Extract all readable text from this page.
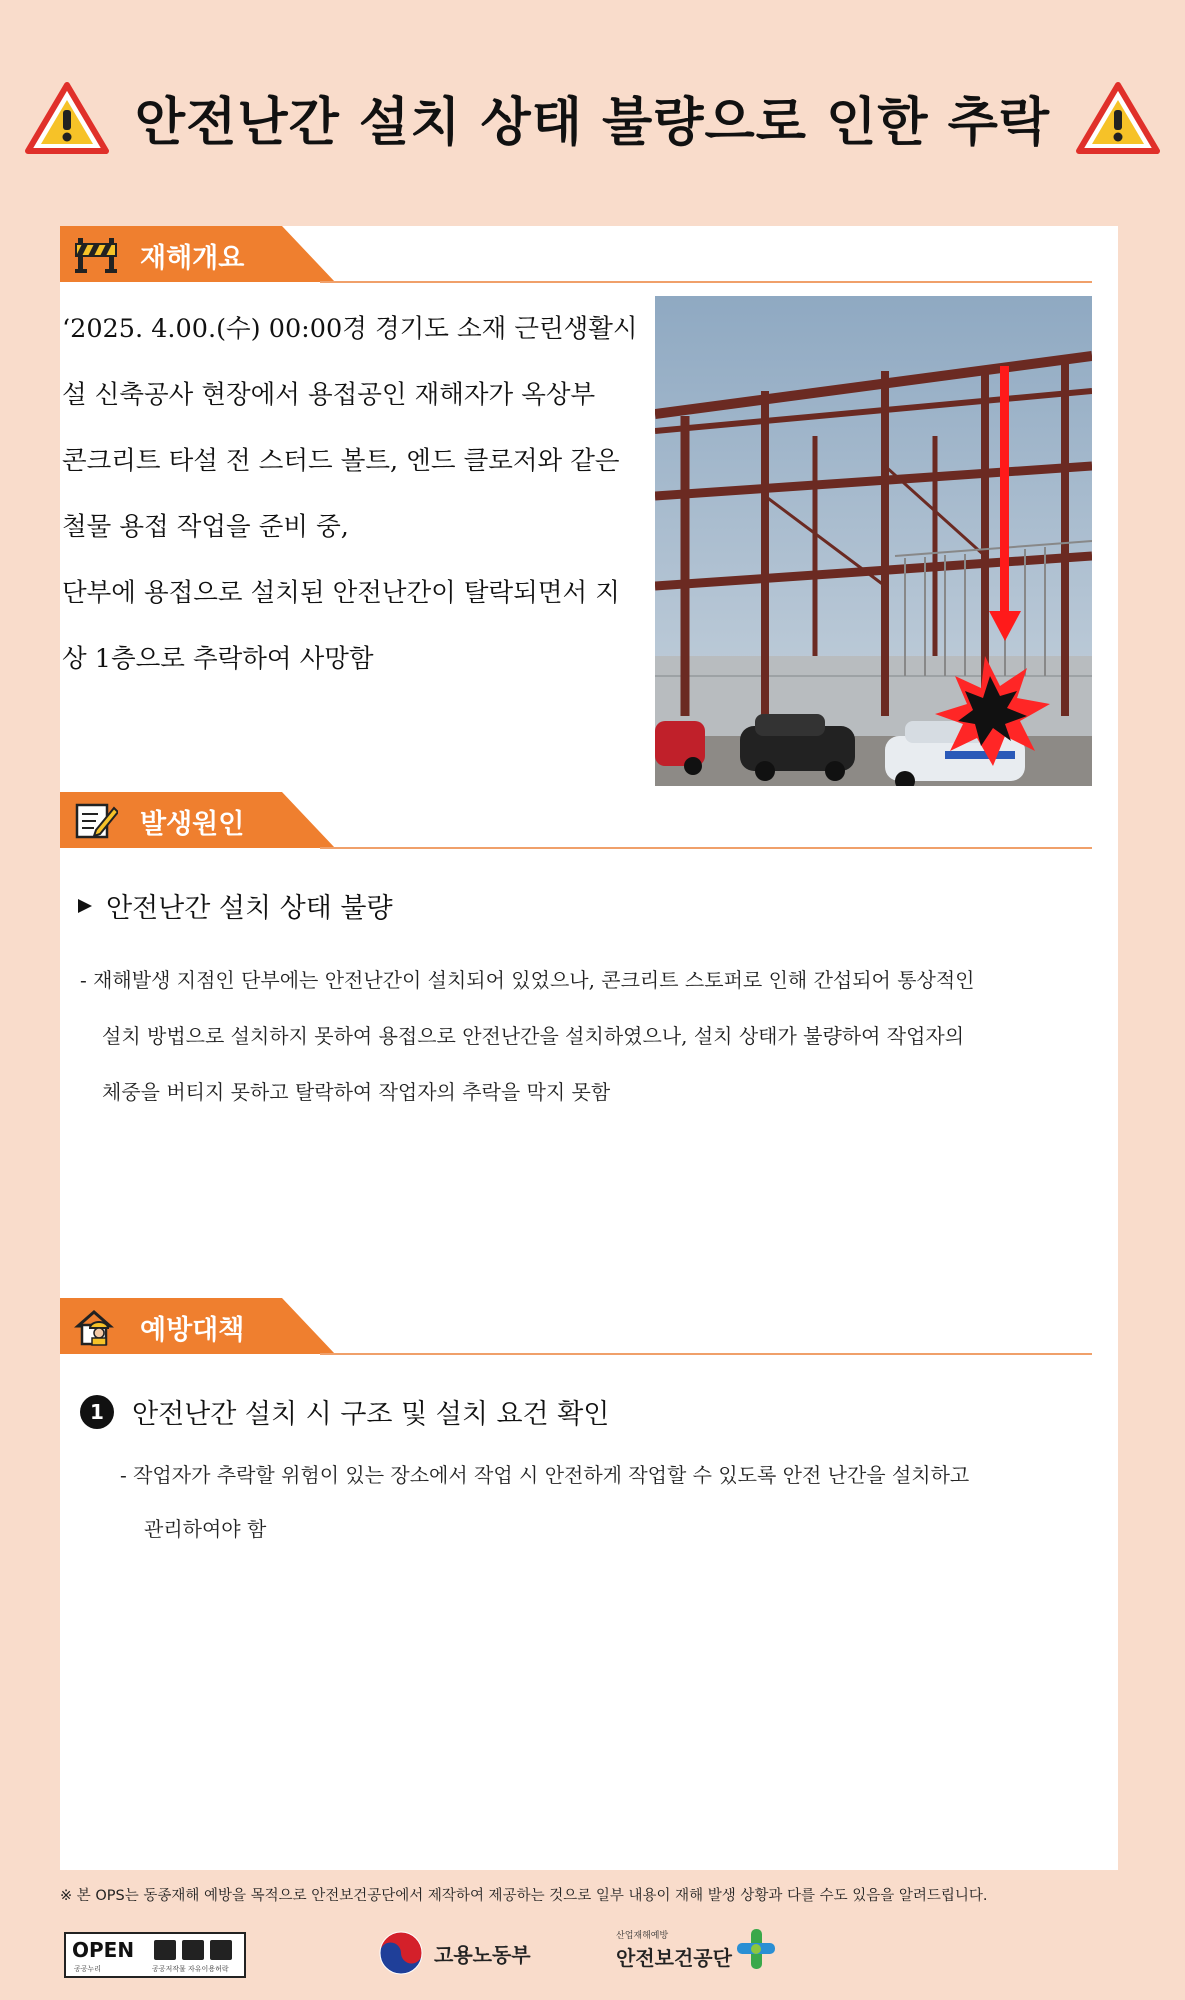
안전난간 설치 상태 불량으로 인한 추락
재해개요

‘2025. 4.00.(수) 00:00경 경기도 소재 근린생활시

설 신축공사 현장에서 용접공인 재해자가 옥상부

콘크리트 타설 전 스터드 볼트, 엔드 클로저와 같은

철물 용접 작업을 준비 중,

단부에 용접으로 설치된 안전난간이 탈락되면서 지

상 1층으로 추락하여 사망함

발생원인
안전난간 설치 상태 불량

- 재해발생 지점인 단부에는 안전난간이 설치되어 있었으나, 콘크리트 스토퍼로 인해 간섭되어 통상적인

설치 방법으로 설치하지 못하여 용접으로 안전난간을 설치하였으나, 설치 상태가 불량하여 작업자의

체중을 버티지 못하고 탈락하여 작업자의 추락을 막지 못함

예방대책
1	안전난간 설치 시 구조 및 설치 요건 확인

- 작업자가 추락할 위험이 있는 장소에서 작업 시 안전하게 작업할 수 있도록 안전 난간을 설치하고

관리하여야 함

※ 본 OPS는 동종재해 예방을 목적으로 안전보건공단에서 제작하여 제공하는 것으로 일부 내용이 재해 발생 상황과 다를 수도 있음을 알려드립니다.
OPEN
공공누리	공공저작물 자유이용허락
고용노동부
산업재해예방
안전보건공단
